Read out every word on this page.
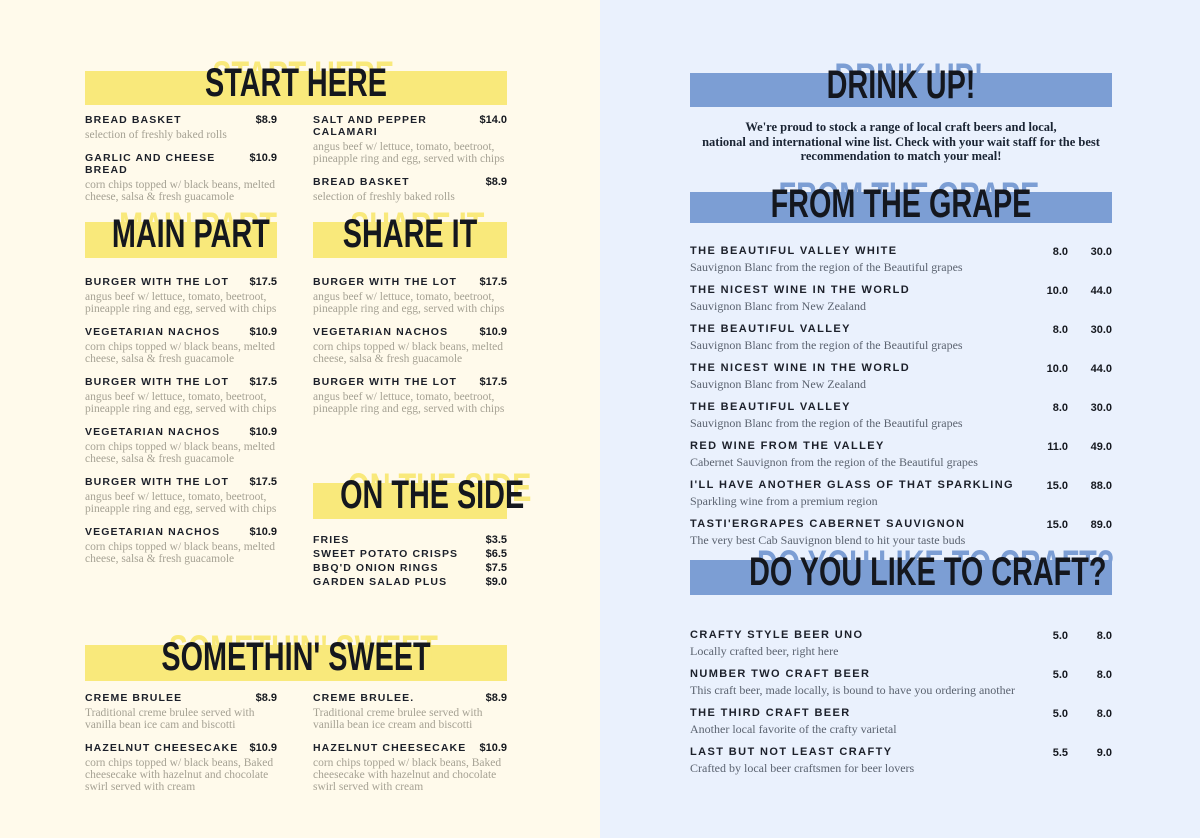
START HERE
BREAD BASKET	$8.9
selection of freshly baked rolls
GARLIC AND CHEESE BREAD
$10.9
corn chips topped w/ black beans, melted cheese, salsa & fresh guacamole
SALT AND PEPPER CALAMARI
$14.0
angus beef w/ lettuce, tomato, beetroot, pineapple ring and egg, served with chips
BREAD BASKET	$8.9
selection of freshly baked rolls
MAIN PART SHARE IT
BURGER WITH THE LOT $17.5
angus beef w/ lettuce, tomato, beetroot, pineapple ring and egg, served with chips
VEGETARIAN NACHOS	$10.9
corn chips topped w/ black beans, melted cheese, salsa & fresh guacamole
BURGER WITH THE LOT $17.5
angus beef w/ lettuce, tomato, beetroot, pineapple ring and egg, served with chips
VEGETARIAN NACHOS	$10.9
corn chips topped w/ black beans, melted cheese, salsa & fresh guacamole
BURGER WITH THE LOT $17.5
angus beef w/ lettuce, tomato, beetroot, pineapple ring and egg, served with chips
VEGETARIAN NACHOS	$10.9
corn chips topped w/ black beans, melted cheese, salsa & fresh guacamole
BURGER WITH THE LOT $17.5
angus beef w/ lettuce, tomato, beetroot, pineapple ring and egg, served with chips
VEGETARIAN NACHOS	$10.9
corn chips topped w/ black beans, melted cheese, salsa & fresh guacamole
BURGER WITH THE LOT $17.5
angus beef w/ lettuce, tomato, beetroot, pineapple ring and egg, served with chips
ON THE SIDE
FRIES	$3.5
SWEET POTATO CRISPS $6.5
BBQ'D ONION RINGS	$7.5
GARDEN SALAD PLUS	$9.0
SOMETHIN' SWEET
CREME BRULEE	$8.9
Traditional creme brulee served with vanilla bean ice cam and biscotti
HAZELNUT CHEESECAKE $10.9
corn chips topped w/ black beans, Baked cheesecake with hazelnut and chocolate swirl served with cream
CREME BRULEE.	$8.9
Traditional creme brulee served with vanilla bean ice cream and biscotti
HAZELNUT CHEESECAKE $10.9
corn chips topped w/ black beans, Baked cheesecake with hazelnut and chocolate swirl served with cream
DRINK UP!
We're proud to stock a range of local craft beers and local,
national and international wine list. Check with your wait staff for the best
recommendation to match your meal!
FROM THE GRAPE
THE BEAUTIFUL VALLEY WHITE
Sauvignon Blanc from the region of the Beautiful grapes
8.0	30.0
THE NICEST WINE IN THE WORLD
Sauvignon Blanc from New Zealand
10.0	44.0
THE BEAUTIFUL VALLEY
Sauvignon Blanc from the region of the Beautiful grapes
8.0	30.0
THE NICEST WINE IN THE WORLD
Sauvignon Blanc from New Zealand
10.0	44.0
THE BEAUTIFUL VALLEY
Sauvignon Blanc from the region of the Beautiful grapes
8.0	30.0
RED WINE FROM THE VALLEY
Cabernet Sauvignon from the region of the Beautiful grapes
11.0	49.0
I'LL HAVE ANOTHER GLASS OF THAT SPARKLING
Sparkling wine from a premium region
15.0	88.0
TASTI'ERGRAPES CABERNET SAUVIGNON
The very best Cab Sauvignon blend to hit your taste buds
15.0	89.0
DO YOU LIKE TO CRAFT?
CRAFTY STYLE BEER UNO
Locally crafted beer, right here
5.0	8.0
NUMBER TWO CRAFT BEER
This craft beer, made locally, is bound to have you ordering another
5.0	8.0
THE THIRD CRAFT BEER
Another local favorite of the crafty varietal
5.0	8.0
LAST BUT NOT LEAST CRAFTY
Crafted by local beer craftsmen for beer lovers
5.5	9.0
